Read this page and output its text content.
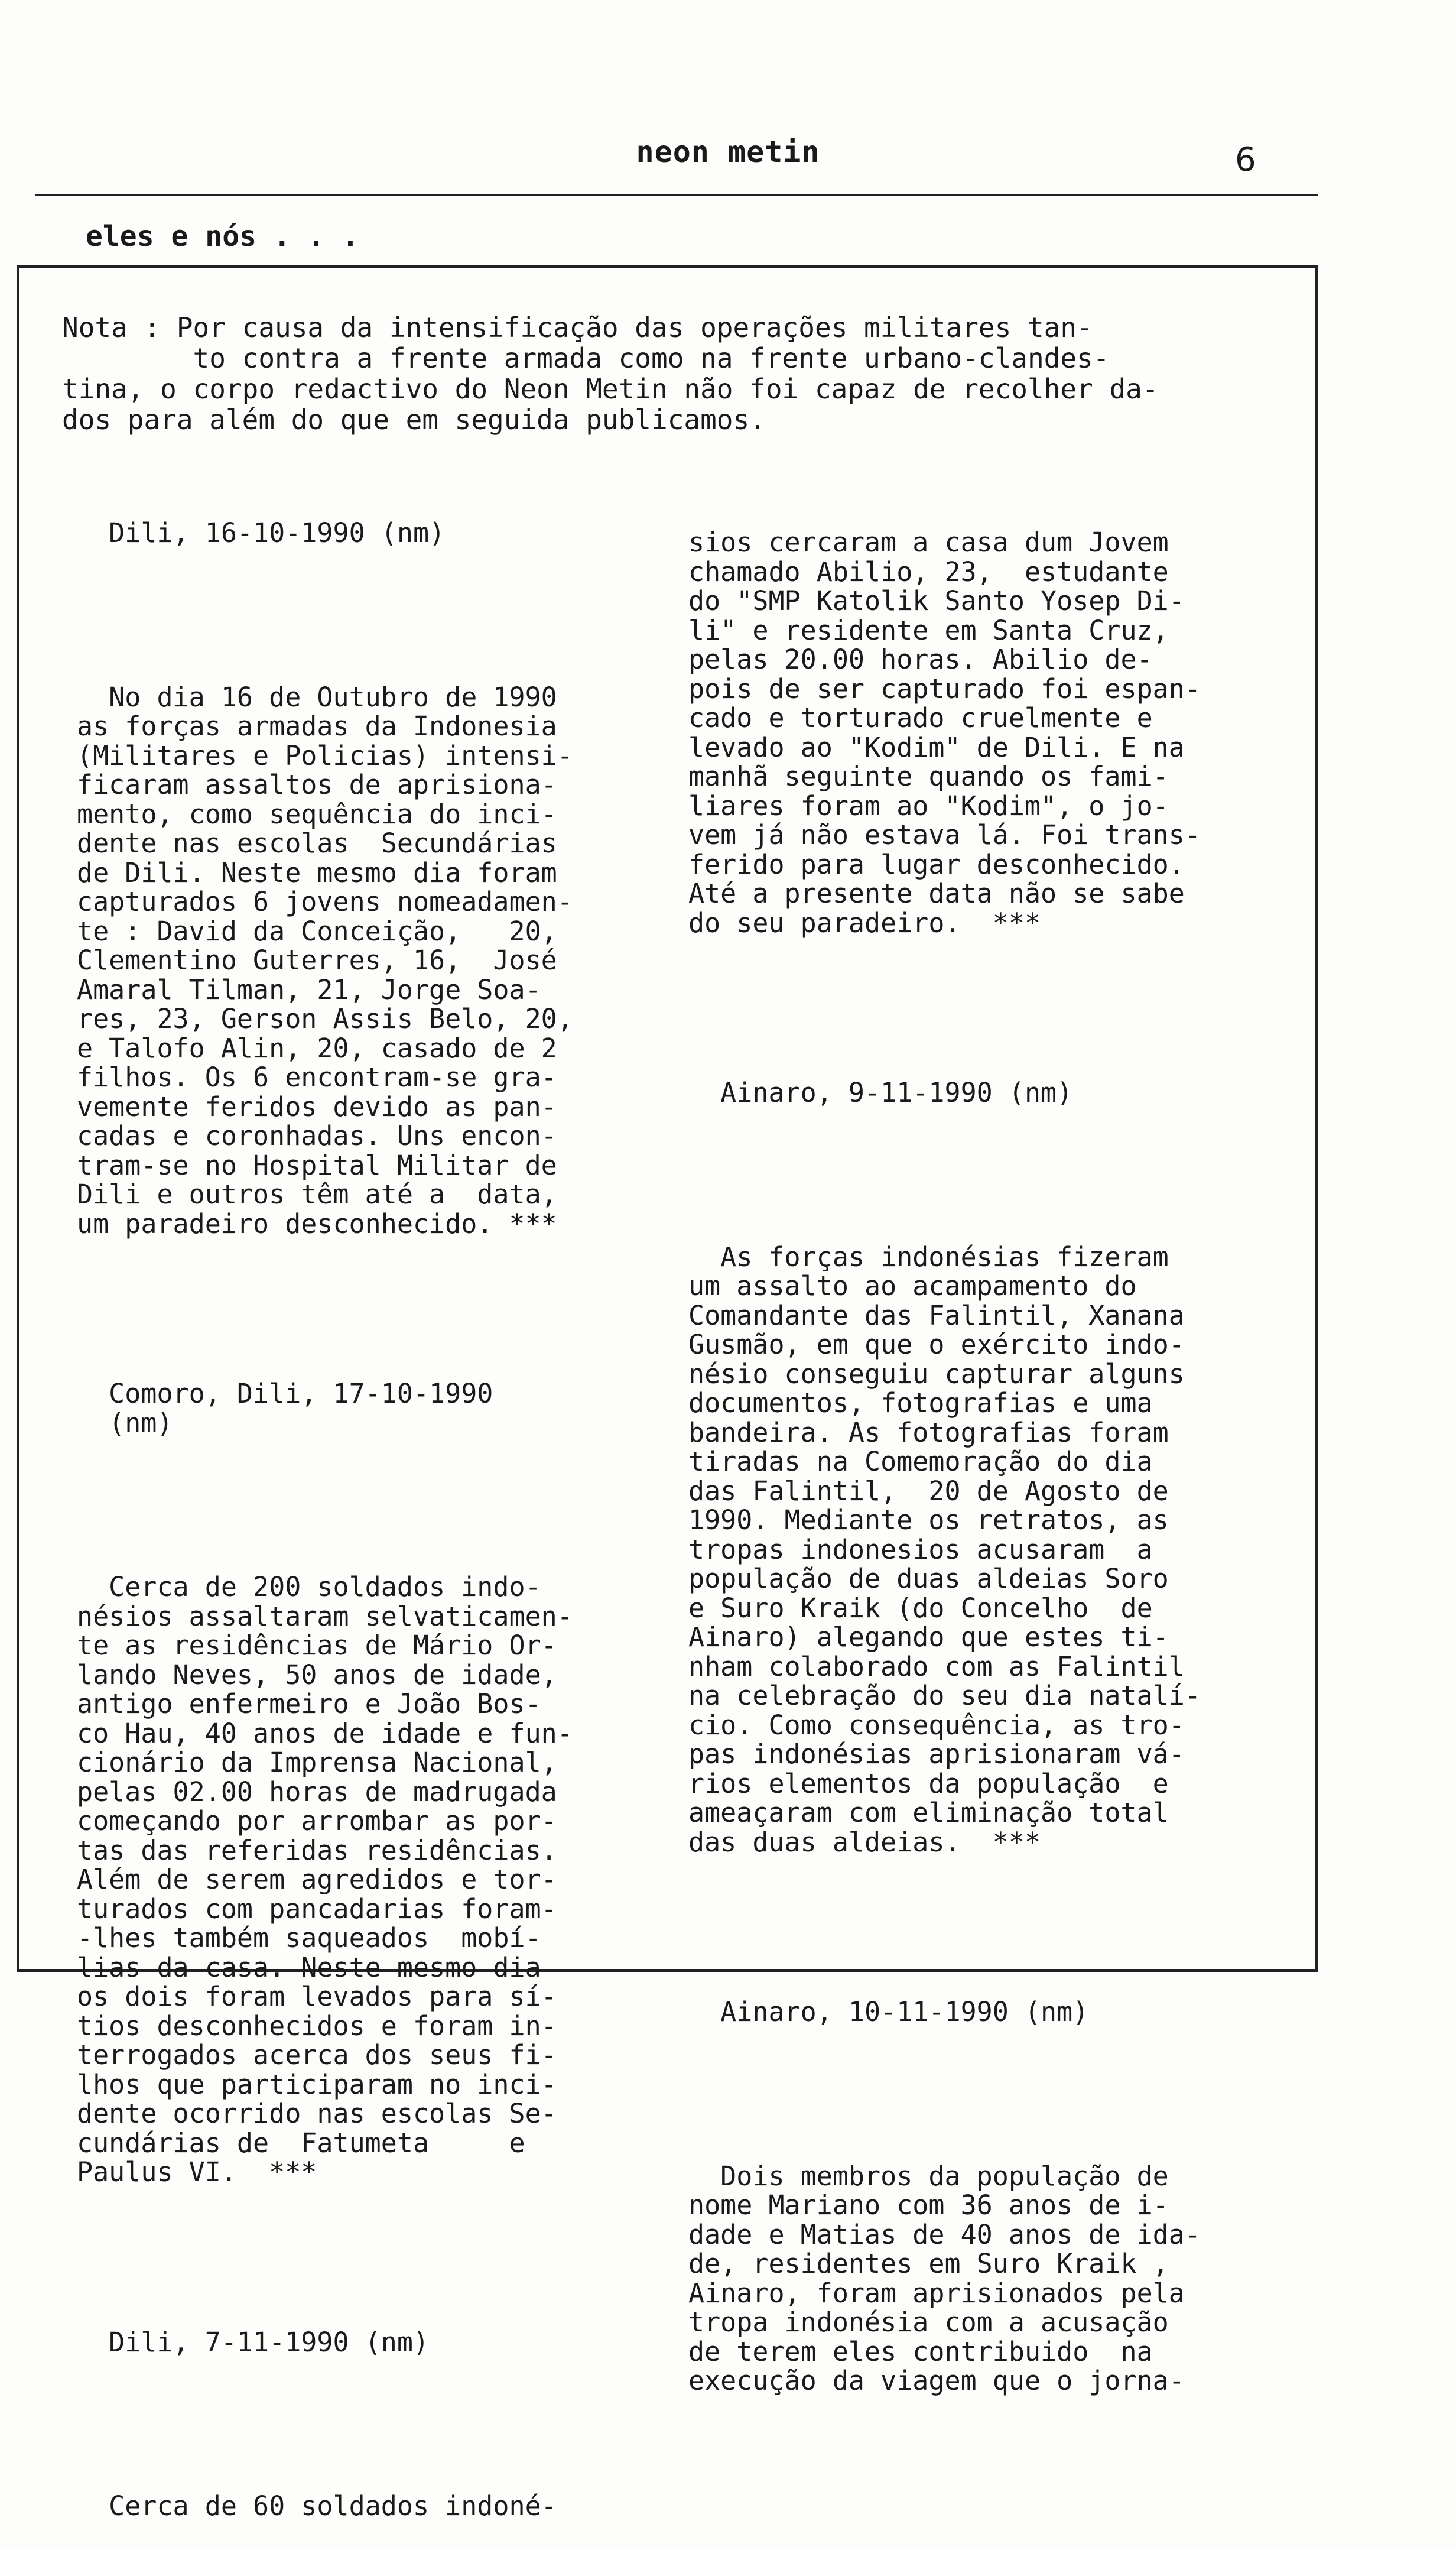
neon metin	6
eles e nós . . .
Nota : Por causa da intensificação das operações militares tan-
to contra a frente armada como na frente urbano-clandes-
tina, o corpo redactivo do Neon Metin não foi capaz de recolher da-
dos para além do que em seguida publicamos.

Dili, 16-10-1990 (nm)

No dia 16 de Outubro de 1990
as forças armadas da Indonesia
(Militares e Policias) intensi-
ficaram assaltos de aprisiona-
mento, como sequência do inci-
dente nas escolas  Secundárias
de Dili. Neste mesmo dia foram
capturados 6 jovens nomeadamen-
te : David da Conceição,   20,
Clementino Guterres, 16,  José
Amaral Tilman, 21, Jorge Soa-
res, 23, Gerson Assis Belo, 20,
e Talofo Alin, 20, casado de 2
filhos. Os 6 encontram-se gra-
vemente feridos devido as pan-
cadas e coronhadas. Uns encon-
tram-se no Hospital Militar de
Dili e outros têm até a  data,
um paradeiro desconhecido. ***

Comoro, Dili, 17-10-1990
(nm)

Cerca de 200 soldados indo-
nésios assaltaram selvaticamen-
te as residências de Mário Or-
lando Neves, 50 anos de idade,
antigo enfermeiro e João Bos-
co Hau, 40 anos de idade e fun-
cionário da Imprensa Nacional,
pelas 02.00 horas de madrugada
começando por arrombar as por-
tas das referidas residências.
Além de serem agredidos e tor-
turados com pancadarias foram-
-lhes também saqueados  mobí-
lias da casa. Neste mesmo dia
os dois foram levados para sí-
tios desconhecidos e foram in-
terrogados acerca dos seus fi-
lhos que participaram no inci-
dente ocorrido nas escolas Se-
cundárias de  Fatumeta     e
Paulus VI.  ***

Dili, 7-11-1990 (nm)

Cerca de 60 soldados indoné-

sios cercaram a casa dum Jovem
chamado Abilio, 23,  estudante
do "SMP Katolik Santo Yosep Di-
li" e residente em Santa Cruz,
pelas 20.00 horas. Abilio de-
pois de ser capturado foi espan-
cado e torturado cruelmente e
levado ao "Kodim" de Dili. E na
manhã seguinte quando os fami-
liares foram ao "Kodim", o jo-
vem já não estava lá. Foi trans-
ferido para lugar desconhecido.
Até a presente data não se sabe
do seu paradeiro.  ***

Ainaro, 9-11-1990 (nm)

As forças indonésias fizeram
um assalto ao acampamento do
Comandante das Falintil, Xanana
Gusmão, em que o exército indo-
nésio conseguiu capturar alguns
documentos, fotografias e uma
bandeira. As fotografias foram
tiradas na Comemoração do dia
das Falintil,  20 de Agosto de
1990. Mediante os retratos, as
tropas indonesios acusaram  a
população de duas aldeias Soro
e Suro Kraik (do Concelho  de
Ainaro) alegando que estes ti-
nham colaborado com as Falintil
na celebração do seu dia natalí-
cio. Como consequência, as tro-
pas indonésias aprisionaram vá-
rios elementos da população  e
ameaçaram com eliminação total
das duas aldeias.  ***

Ainaro, 10-11-1990 (nm)

Dois membros da população de
nome Mariano com 36 anos de i-
dade e Matias de 40 anos de ida-
de, residentes em Suro Kraik ,
Ainaro, foram aprisionados pela
tropa indonésia com a acusação
de terem eles contribuido  na
execução da viagem que o jorna-
